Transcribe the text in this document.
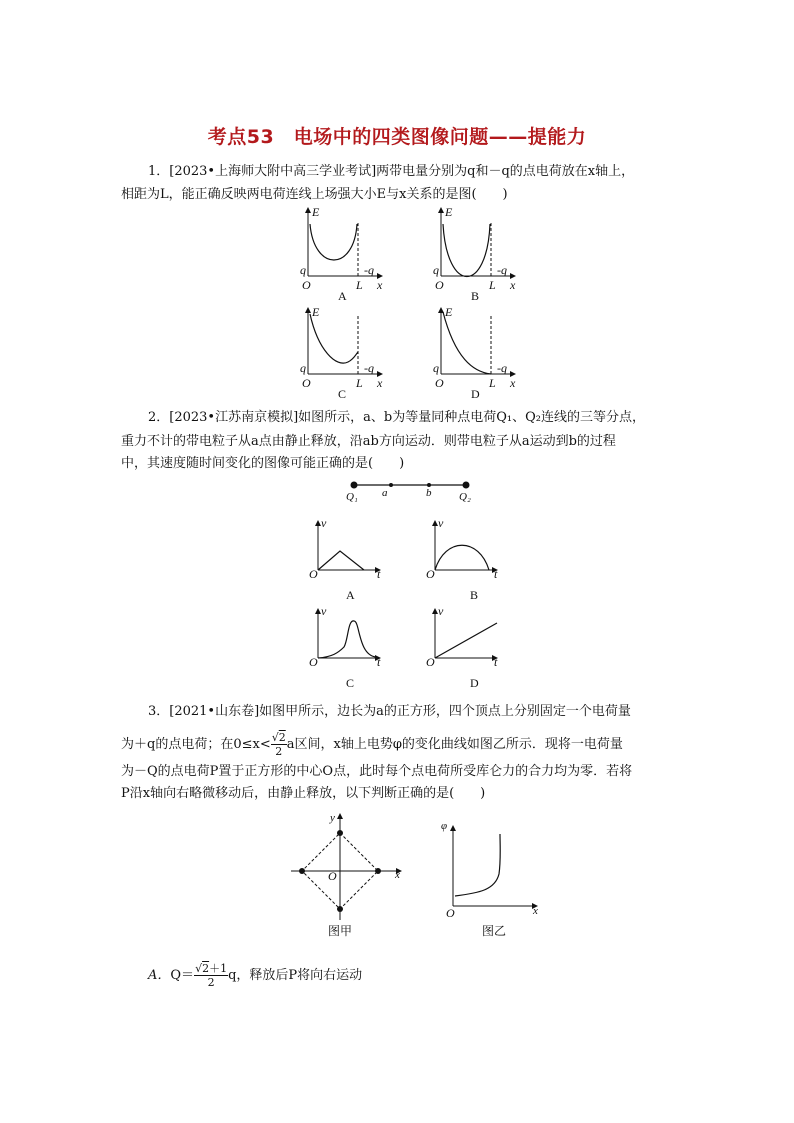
考点53　电场中的四类图像问题——提能力
1．[2023•上海师大附中高三学业考试]两带电量分别为q和－q的点电荷放在x轴上，
相距为L，能正确反映两电荷连线上场强大小E与x关系的是图(　　)
E
q
O	L
-q
x
A
E
q
O	L
-q
x
B
E
q
O	L
-q
x
C
E
q
O	L
-q
x
D
2．[2023•江苏南京模拟]如图所示，a、b为等量同种点电荷Q₁、Q₂连线的三等分点，
重力不计的带电粒子从a点由静止释放，沿ab方向运动．则带电粒子从a运动到b的过程
中，其速度随时间变化的图像可能正确的是(　　)
Q₁ a	b	Q₂
v
O	t
A
v
O	t
B
v
O	t
C
v
O	t
D
3．[2021•山东卷]如图甲所示，边长为a的正方形，四个顶点上分别固定一个电荷量
为＋q的点电荷；在$0\le x< \frac{√2}{2}$ a区间，x轴上电势φ的变化曲线如图乙所示．现将一电荷量
为－Q的点电荷P置于正方形的中心O点，此时每个点电荷所受库仑力的合力均为零．若将
P沿x轴向右略微移动后，由静止释放，以下判断正确的是(　　)
y
O	x
图甲
φ
O	x
图乙
A．$Q= \frac{√2+1}{2}$ q，释放后P将向右运动
